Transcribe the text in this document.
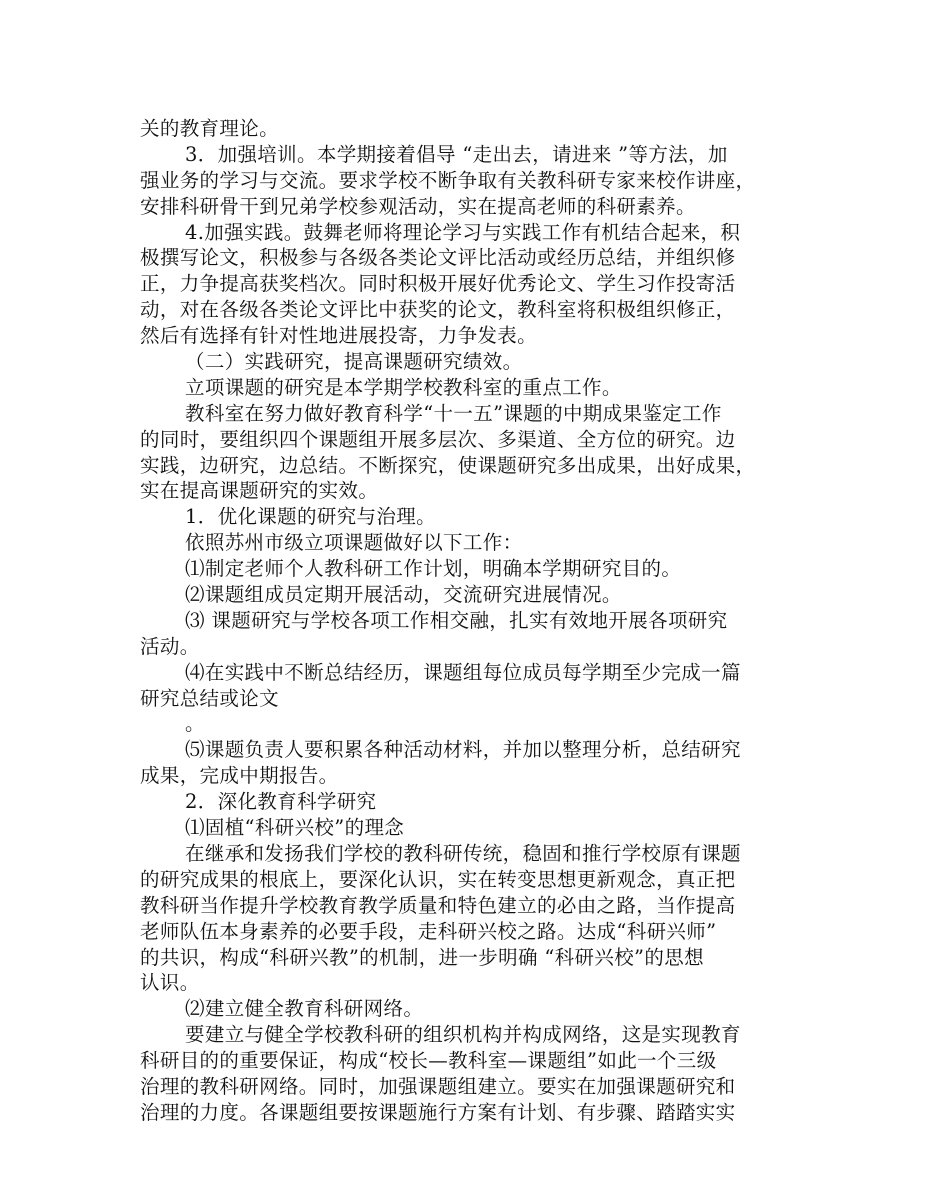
关的教育理论。
3．加强培训。本学期接着倡导 “走出去，请进来 ”等方法，加
强业务的学习与交流。要求学校不断争取有关教科研专家来校作讲座，
安排科研骨干到兄弟学校参观活动，实在提高老师的科研素养。
4.加强实践。鼓舞老师将理论学习与实践工作有机结合起来，积
极撰写论文，积极参与各级各类论文评比活动或经历总结，并组织修
正，力争提高获奖档次。同时积极开展好优秀论文、学生习作投寄活
动，对在各级各类论文评比中获奖的论文，教科室将积极组织修正，
然后有选择有针对性地进展投寄，力争发表。
（二）实践研究，提高课题研究绩效。
立项课题的研究是本学期学校教科室的重点工作。
教科室在努力做好教育科学“十一五”课题的中期成果鉴定工作
的同时，要组织四个课题组开展多层次、多渠道、全方位的研究。边
实践，边研究，边总结。不断探究，使课题研究多出成果，出好成果，
实在提高课题研究的实效。
1．优化课题的研究与治理。
依照苏州市级立项课题做好以下工作：
⑴制定老师个人教科研工作计划，明确本学期研究目的。
⑵课题组成员定期开展活动，交流研究进展情况。
⑶ 课题研究与学校各项工作相交融，扎实有效地开展各项研究
活动。
⑷在实践中不断总结经历，课题组每位成员每学期至少完成一篇
研究总结或论文
。
⑸课题负责人要积累各种活动材料，并加以整理分析，总结研究
成果，完成中期报告。
2．深化教育科学研究
⑴固植“科研兴校”的理念
在继承和发扬我们学校的教科研传统，稳固和推行学校原有课题
的研究成果的根底上，要深化认识，实在转变思想更新观念，真正把
教科研当作提升学校教育教学质量和特色建立的必由之路，当作提高
老师队伍本身素养的必要手段，走科研兴校之路。达成“科研兴师”
的共识，构成“科研兴教”的机制，进一步明确 “科研兴校”的思想
认识。
⑵建立健全教育科研网络。
要建立与健全学校教科研的组织机构并构成网络，这是实现教育
科研目的的重要保证，构成“校长—教科室—课题组”如此一个三级
治理的教科研网络。同时，加强课题组建立。要实在加强课题研究和
治理的力度。各课题组要按课题施行方案有计划、有步骤、踏踏实实
